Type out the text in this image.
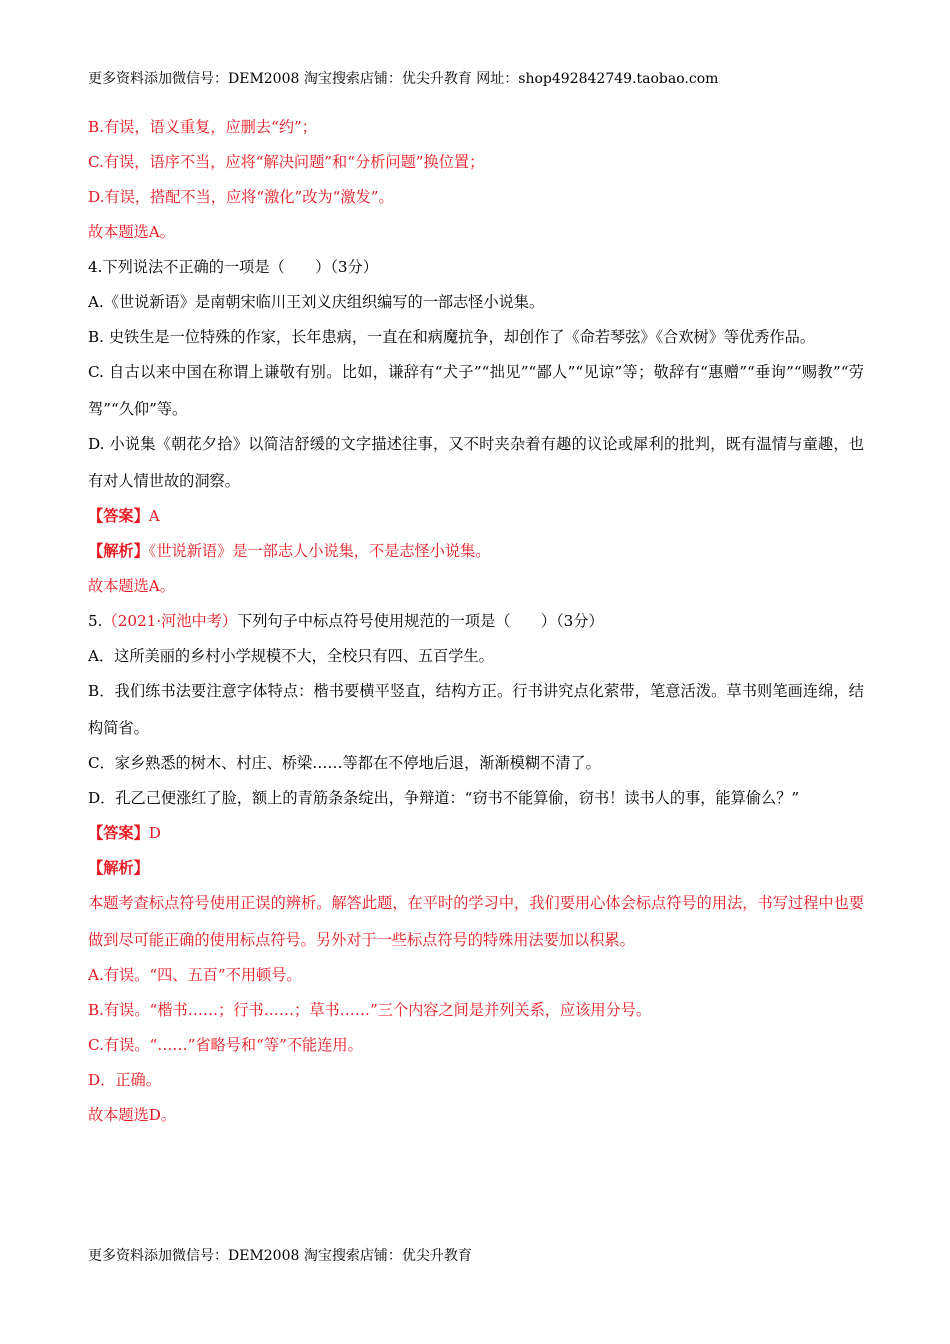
更多资料添加微信号：DEM2008 淘宝搜索店铺：优尖升教育 网址：shop492842749.taobao.com

B.有误，语义重复，应删去“约”；

C.有误，语序不当，应将“解决问题”和“分析问题”换位置；

D.有误，搭配不当，应将“激化”改为“激发”。

故本题选A。

4.下列说法不正确的一项是（　　）（3分）

A.《世说新语》是南朝宋临川王刘义庆组织编写的一部志怪小说集。

B. 史铁生是一位特殊的作家，长年患病，一直在和病魔抗争，却创作了《命若琴弦》《合欢树》等优秀作品。

C. 自古以来中国在称谓上谦敬有别。比如，谦辞有“犬子”“拙见”“鄙人”“见谅”等；敬辞有“惠赠”“垂询”“赐教”“劳驾”“久仰”等。

D. 小说集《朝花夕拾》以简洁舒缓的文字描述往事，又不时夹杂着有趣的议论或犀利的批判，既有温情与童趣，也有对人情世故的洞察。

【答案】A

【解析】《世说新语》是一部志人小说集，不是志怪小说集。

故本题选A。

5.（2021·河池中考）下列句子中标点符号使用规范的一项是（　　）（3分）

A．这所美丽的乡村小学规模不大，全校只有四、五百学生。

B．我们练书法要注意字体特点：楷书要横平竖直，结构方正。行书讲究点化萦带，笔意活泼。草书则笔画连绵，结构简省。

C．家乡熟悉的树木、村庄、桥梁……等都在不停地后退，渐渐模糊不清了。

D．孔乙己便涨红了脸，额上的青筋条条绽出，争辩道：“窃书不能算偷，窃书！读书人的事，能算偷么？”

【答案】D

【解析】

本题考查标点符号使用正误的辨析。解答此题，在平时的学习中，我们要用心体会标点符号的用法，书写过程中也要做到尽可能正确的使用标点符号。另外对于一些标点符号的特殊用法要加以积累。

A.有误。“四、五百”不用顿号。

B.有误。“楷书……；行书……；草书……”三个内容之间是并列关系，应该用分号。

C.有误。“……”省略号和“等”不能连用。

D．正确。

故本题选D。

更多资料添加微信号：DEM2008 淘宝搜索店铺：优尖升教育
